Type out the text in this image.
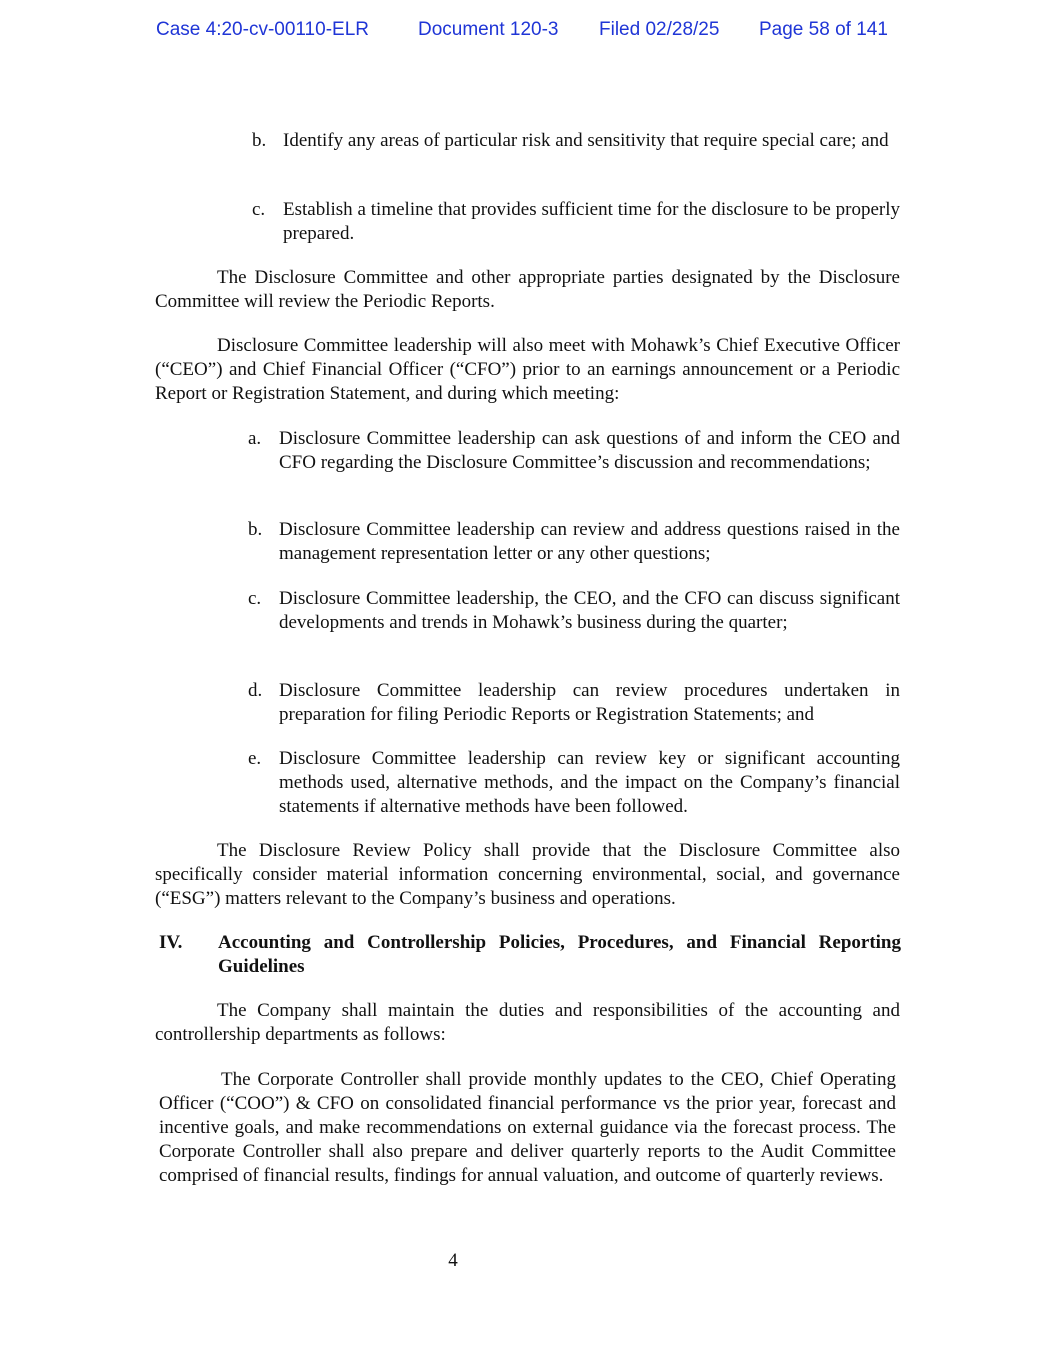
Case 4:20-cv-00110-ELR	Document 120-3 Filed 02/28/25 Page 58 of 141
b. Identify any areas of particular risk and sensitivity that require special care; and
c. Establish a timeline that provides sufficient time for the disclosure to be properly prepared.
The Disclosure Committee and other appropriate parties designated by the Disclosure Committee will review the Periodic Reports.
Disclosure Committee leadership will also meet with Mohawk’s Chief Executive Officer (“CEO”) and Chief Financial Officer (“CFO”) prior to an earnings announcement or a Periodic Report or Registration Statement, and during which meeting:
a. Disclosure Committee leadership can ask questions of and inform the CEO and CFO regarding the Disclosure Committee’s discussion and recommendations;
b. Disclosure Committee leadership can review and address questions raised in the management representation letter or any other questions;
c. Disclosure Committee leadership, the CEO, and the CFO can discuss significant developments and trends in Mohawk’s business during the quarter;
d. Disclosure Committee leadership can review procedures undertaken in preparation for filing Periodic Reports or Registration Statements; and
e. Disclosure Committee leadership can review key or significant accounting methods used, alternative methods, and the impact on the Company’s financial statements if alternative methods have been followed.
The Disclosure Review Policy shall provide that the Disclosure Committee also specifically consider material information concerning environmental, social, and governance (“ESG”) matters relevant to the Company’s business and operations.
IV. Accounting and Controllership Policies, Procedures, and Financial Reporting Guidelines
The Company shall maintain the duties and responsibilities of the accounting and controllership departments as follows:
The Corporate Controller shall provide monthly updates to the CEO, Chief Operating Officer (“COO”) & CFO on consolidated financial performance vs the prior year, forecast and incentive goals, and make recommendations on external guidance via the forecast process. The Corporate Controller shall also prepare and deliver quarterly reports to the Audit Committee comprised of financial results, findings for annual valuation, and outcome of quarterly reviews.
4
